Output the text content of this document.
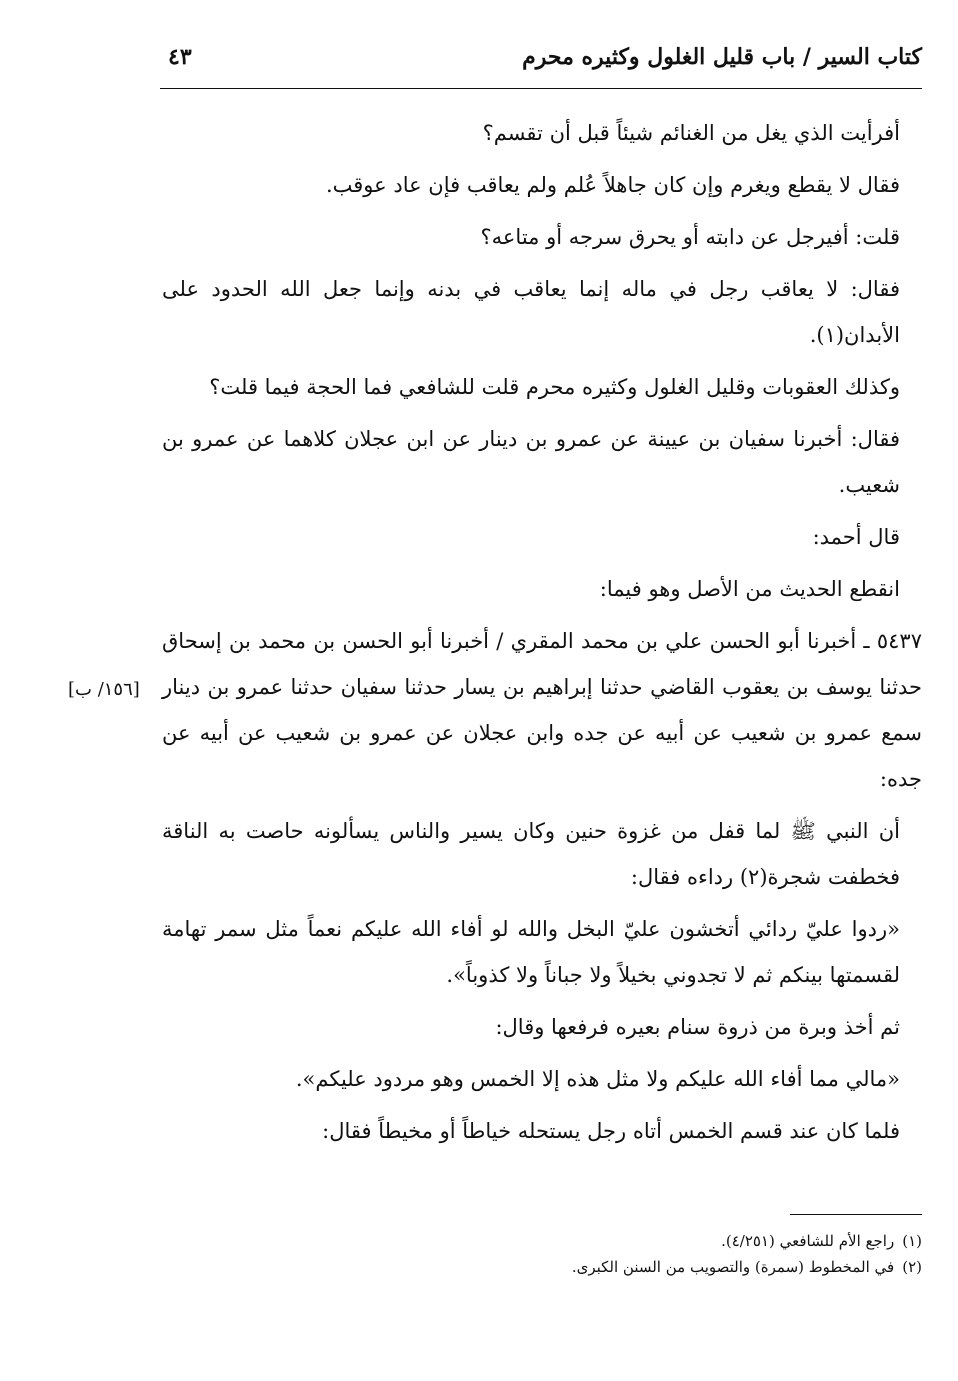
كتاب السير / باب قليل الغلول وكثيره محرم
٤٣

أفرأيت الذي يغل من الغنائم شيئاً قبل أن تقسم؟

فقال لا يقطع ويغرم وإن كان جاهلاً عُلم ولم يعاقب فإن عاد عوقب.

قلت: أفيرجل عن دابته أو يحرق سرجه أو متاعه؟

فقال: لا يعاقب رجل في ماله إنما يعاقب في بدنه وإنما جعل الله الحدود على الأبدان(١).

وكذلك العقوبات وقليل الغلول وكثيره محرم قلت للشافعي فما الحجة فيما قلت؟

فقال: أخبرنا سفيان بن عيينة عن عمرو بن دينار عن ابن عجلان كلاهما عن عمرو بن شعيب.

قال أحمد:

انقطع الحديث من الأصل وهو فيما:

٥٤٣٧ ـ أخبرنا أبو الحسن علي بن محمد المقري / أخبرنا أبو الحسن بن محمد بن إسحاق حدثنا يوسف بن يعقوب القاضي حدثنا إبراهيم بن يسار حدثنا سفيان حدثنا عمرو بن دينار سمع عمرو بن شعيب عن أبيه عن جده وابن عجلان عن عمرو بن شعيب عن أبيه عن جده:

أن النبي ﷺ لما قفل من غزوة حنين وكان يسير والناس يسألونه حاصت به الناقة فخطفت شجرة(٢) رداءه فقال:

«ردوا عليّ ردائي أتخشون عليّ البخل والله لو أفاء الله عليكم نعماً مثل سمر تهامة لقسمتها بينكم ثم لا تجدوني بخيلاً ولا جباناً ولا كذوباً».

ثم أخذ وبرة من ذروة سنام بعيره فرفعها وقال:

«مالي مما أفاء الله عليكم ولا مثل هذه إلا الخمس وهو مردود عليكم».

فلما كان عند قسم الخمس أتاه رجل يستحله خياطاً أو مخيطاً فقال:

[١٥٦/ ب]

(١)راجع الأم للشافعي (٤/٢٥١).

(٢)في المخطوط (سمرة) والتصويب من السنن الكبرى.
